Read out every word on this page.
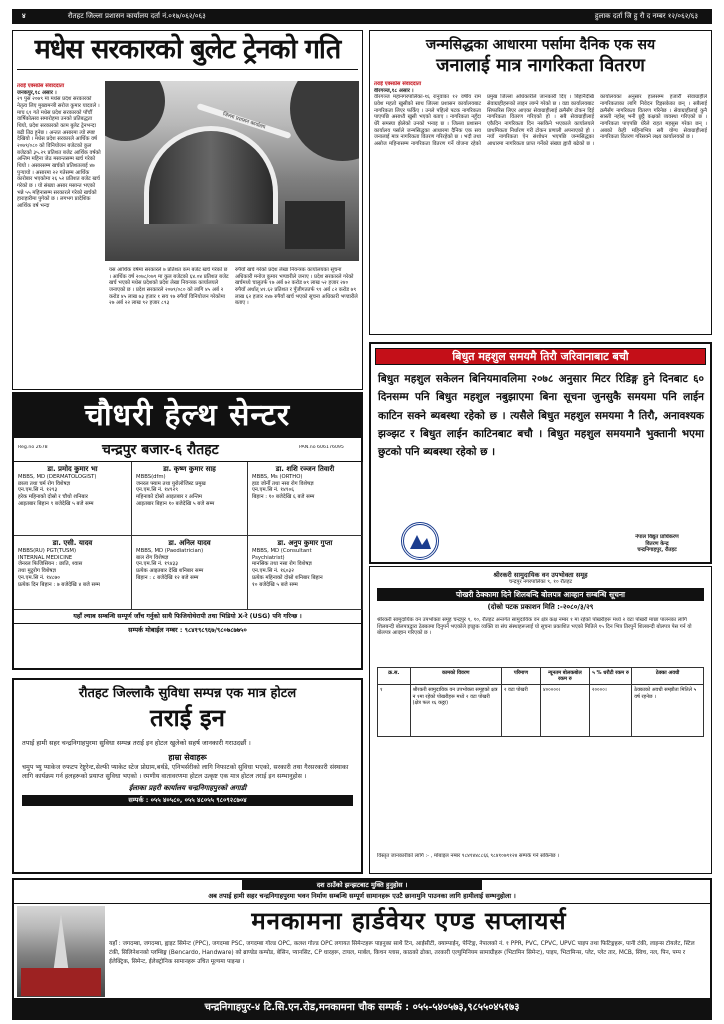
४	रौतहट जिल्ला प्रशासन कार्यालय दर्ता नं.०१७/०६२/०६३	हुलाक दर्ता जि हु रौ द नम्बर १२/०६२/६३
मधेस सरकारको बुलेट ट्रेनको गति
तराई एक्सप्रेस संवाददाता
जनकपुर,१८ असार ।
२९ पुस २०७९ मा मधेस प्रदेश सरकारको नेतृत्व लिए मुख्यमन्त्री सरोज कुमार यादवले । माघ ६१ गते मधेस प्रदेश सरकारको पाँचौँ वार्षिकोत्सव समारोहमा उनको प्रतिबद्धता थियो, प्रदेश सरकारको काम बुलेट ट्रेनभन्दा बढी तिव्र हुनेछ । अन्तत असारमा त्यो स्पष्ट देखियो । मधेस प्रदेश सरकारले आर्थिक वर्ष २०७९/०८० को विनियोजन बजेटको कुल बजेटको ३५.२९ प्रतिशत बजेट आर्थिक वर्षको अन्तिम महिना जेठ मसान्तसम्म खर्च गरेको थियो । असारसम्म खर्चको प्रतिशतलाई ४७ पुऱ्यायो । असारमा २२ गतेसम्म आर्थिक कारोबार भएकोमा २६ ५२ प्रतिशत बजेट खर्च गरेको छ । यो संख्या असार मसान्त भएको भन्ने ५५ महिनासम्म सरकारले गरेको खर्चको हाराहारीमा पुगेको छ । लगभग प्रादेशिक आर्थिक वर्ष भन्दा
जिल्ला प्रशासन कार्यालय
यस आर्थिक वर्षमा सरकारले ७ प्रतिशत कम बजेट खर्च गरेको छ । आर्थिक वर्ष २०७८/०७९ मा कुल बजेटको ६४.०४ प्रतिशत बजेट खर्च भएको मधेस प्रदेशको प्रदेश लेखा नियन्त्रक कार्यालयले जनाएको छ । प्रदेश सरकारले २०७९/०८० को लागि ४५ अर्ब २ करोड ४५ लाख ७३ हजार १ सय १७ रुपैयाँ विनियोजन गरेकोमा २७ अर्ब २२ लाख ९२ हजार ८९३
रुपैयाँ खर्च गरेको प्रदेश लेखा नियन्त्रक कार्यालयका सूचना अधिकारी मनोज कुमार भण्डारीले जनाए । प्रदेश सरकारले गरेको खर्चमध्ये चालुतर्फ १७ अर्ब ७२ करोड ७९ लाख ५२ हजार २४० रुपैयाँ अर्थात् ४१.६२ प्रतिशत र पुँजीगततर्फ ९१ अर्ब ८२ करोड ७९ लाख ६२ हजार २४७ रुपैयाँ खर्च भएको सूचना अधिकारी भण्डारीले बताए ।
जन्मसिद्धका आधारमा पर्सामा दैनिक एक सय
जनालाई मात्र नागरिकता वितरण
तराई एक्सप्रेस संवाददाता
वीरगञ्ज,१८ असार ।
वीरगञ्ज महानगरपालिका-१६ रानुवाका १२ वर्षीय राम प्रवेश महतो खुसीको साथ जिल्ला प्रशासन कार्यालयबाट नागरिकता लिएर फर्किए । उनले पहिलो पटक नागरिकता पाएपछि असाध्यै खुसी भएको बताए । नागरिकता नहुँदा धेरै समस्या झेलेको उनको भनाइ छ । जिल्ला प्रशासन कार्यालय पर्साले जन्मसिद्धका आधारमा दैनिक एक सय जनालाई मात्र नागरिकता वितरण गरिरहेको छ । भदौ तथा असोज महिनासम्म नागरिकता वितरण गर्ने योजना रहेको प्रमुख जिल्ला अधिकारीले जानकारी दिए । बिहानैदेखि सेवाग्राहीहरूको लाइन लाग्ने गरेको छ । वडा कार्यालयबाट सिफारिस लिएर आएका सेवाग्राहीलाई क्रमैसँग टोकन दिई नागरिकता वितरण गरिएको हो । सबै सेवाग्राहीलाई एकैदिन नागरिकता दिन नसकिने भएकाले कार्यालयले प्राथमिकता निर्धारण गरी टोकन प्रणाली अपनाएको हो । नयाँ नागरिकता ऐन संशोधन भएपछि जन्मसिद्धका आधारमा नागरिकता प्राप्त गर्नेको संख्या ह्वात्तै बढेको छ । कार्यालयका अनुसार हालसम्म हजारौँ सेवाग्राहीले नागरिकताका लागि निवेदन दिइसकेका छन् । सबैलाई क्रमैसँग नागरिकता वितरण गरिनेछ । सेवाग्राहीलाई कुनै सास्ती नहोस् भनी छुट्टै कक्षको व्यवस्था गरिएको छ । नागरिकता पाएपछि धेरैले राहत महसुस गरेका छन् । अबको केही महिनाभित्र सबै योग्य सेवाग्राहीलाई नागरिकता वितरण गरिसक्ने लक्ष्य कार्यालयको छ ।
बिधुत महशुल समयमै तिरौ जरिवानाबाट बचौ
बिधुत महशुल सकेलन बिनियमावलिमा २०७८ अनुसार मिटर रिडिङ्ग हुने दिनबाट ६० दिनसम्म पनि बिधुत महशुल नबुझाएमा बिना सूचना जुनसुकै समयमा पनि लाईन काटिन सक्ने ब्यबस्था रहेको छ । त्यसैले बिधुत महशुल समयमा नै तिरौ, अनावश्यक झञ्झट र बिधुत लाईन काटिनबाट बचौ । बिधुत महशुल समयमानै भुक्तानी भएमा छुटको पनि ब्यबस्था रहेको छ ।
नेपाल विद्युत प्राधिकरण
वितरण केन्द्र
चन्द्रनिगाहपुर, रौतहट
चौधरी हेल्थ सेन्टर
Reg.no 2678	चन्द्रपुर बजार-६ रौतहट	PAN.no 606176095
डा. प्रमोद कुमार भा
MBBS, MD (DERMATOLOGIST)
छाला तथा चर्म रोग विशेषज्ञ
एन.एम.सि नं. १२९३
हरेक महिनाको दोस्रो र चौथो शनिबार
आइतबार बिहान ९ बजेदेखि ५ बजे सम्म
डा. कृष्ण कुमार साह
MBBS(dfm)
जनरल फ्याम तथा युरोलोजिस्ट प्रमुख
एन.एम.सि नं. १४९२९
महिनाको दोस्रो आइतबार र अन्तिम
आइतबार बिहान १० बजेदेखि ५ बजे सम्म
डा. शशि रञ्जन तिवारी
MBBS, Ms (ORTHO)
हाड जोर्नी तथा नसा रोग विशेषज्ञ
एन.एम.सि नं. १४९०६
बिहान : १० बजेदेखि ६ बजे सम्म
डा. एसी. यादव
MBBS(RU) PGT(TUSM)
INTERNAL MEDICINE
जेनरल फिजिसियन : छाति, श्वास
तथा मुटुरोग विशेषज्ञ
एन.एम.सि नं. १४८७०
प्रत्येक दिन बिहान : ७ बजेदेखि ४ बजे सम्म
डा. अनिल यादव
MBBS, MD (Paediatrician)
बाल रोग विशेषज्ञ
एन.एम.सि नं. १९४३३
प्रत्येक आइतबार देखि शनिबार सम्म
बिहान : ८ बजेदेखि १२ बजे सम्म
डा. अनुप कुमार गुप्ता
MBBS, MD (Consultant
Psychiatrist)
मानसिक तथा नसा रोग विशेषज्ञ
एन.एम.सि नं. १६०३२
प्रत्येक महिनाको दोस्रो शनिबार बिहान
१० बजेदेखि ५ बजे सम्म
यहाँ ल्याब सम्बन्धि सम्पूर्ण जाँच गर्नुको साथै फिजियोथेरापी तथा भिडियो X-रे (USG) पनि गरिन्छ ।
सम्पर्क मोबाईल नम्बर : ९८४१९८९६७/९८०७८७७५०
रौतहट जिल्लाकै सुविधा सम्पन्न एक मात्र होटल
तराई इन
तपाई हामी सहर चन्द्रनिगाहपुरमा सुविधा सम्पन्न तराई इन होटल खुलेको सहर्ष जानकारी गराउदछौं ।
हाम्रा सेवाहरू
चमुप भ्यु प्याकेज रुफटप रेष्टुरेन्ट,सेल्फी प्याकेट स्टेज प्रोग्राम,बर्थडे, एनिभर्सरीको लागि निफाटको सुविधा भएको, सरकारी तथा गैरसरकारी संस्थाका लागि कार्यक्रम गर्न हलहरूको प्रयाप्त सुविधा भएको । रमणीय वातावरणमा होटल उत्कृष्ट एक मात्र होटल तराई इन सम्भानुहोस ।
ईलाका प्रहरी कार्यालय चन्द्रनिगाहपुरको अगाडी
सम्पर्क : ०५५ ४०५८०, ०५५ ४८०५५ ९८०९२८७०४
श्रीरकरी सामुदायिक वन उपभोक्ता समूह
चन्द्रपुर नगरपालिका ९, १० रौतहट
पोखरी ठेक्कामा दिने शिलबन्दि बोलपत्र आव्हान सम्बन्धि सूचना
(दोस्रो पटक प्रकाशन मिति :-२०८०/३/२९
श्रीरकरी सामुदायिक वन उपभोक्ता समूह चन्द्रपुर ९, १०, रौतहट अन्तर्गत सामुदायिक वन क्षेत्र कक्ष नम्बर १ मा रहेको पोखरीहरू मध्ये २ वटा पोखरी माछा पालनका लागि शिलबन्दी बोलपत्रद्वारा ठेक्कामा दिनुपर्ने भएकोले इच्छुक व्यक्ति वा संघ संस्थाहरूलाई यो सूचना प्रकाशित भएको मितिले १५ दिन भित्र तिरपुर्ने शिलबन्दी बोलपत्र पेस गर्न यो बोलपत्र आव्हान गरिएको छ ।
क्र.स.	कामको विवरण	परिमाण	न्यूनतम बोलकबोल रकम रु	५ % धरौटी रकम रु	ठेक्का अवधी
१	श्रीरकरी सामुदायिक वन उपभोक्ता समूहको क्षत्र न १मा रहेको पोखरीहरू मध्ये २ वटा पोखरी (क्षेत्र फल १६ कठ्ठा)	२ वटा पोखरी	४०००००।	२००००।	ठेक्काको अवधी सम्झौता मितिले ५ वर्ष रहनेछ ।
विस्तृत जानकारीको लागि :- , मोबाइल नम्बर ९८४१४४८८६६ ९८४१०७९१२४ सम्पर्क गर्न सकिनेछ ।
दश ठाउँको झन्झटबाट मुक्ति हुनुहोस ।
अब तपाई हामी सहर चन्द्रनिगाहपुरमा भवन निर्माण सम्बन्धि सम्पूर्ण सामानहरू एउटै छानामुनि पाउनका लागि हामीलाई सम्भनुहोला ।
मनकामना हार्डवेयर एण्ड सप्लायर्स
यहाँ : जगदम्बा, जगदम्बा, ह्वाइट सिमेन्ट (PPC), जगदम्बा PSC, जगदम्बा गोल्ड OPC, कलश गोल्ड OPC लगायत सिमेन्टहरू पाइनुका साथै टिन, आईसीटी, क्याम्पाईन्, पेन्टिङ्ग, नेपालको नं. १ PPR, PVC, CPVC, UPVC पाइप तथा फिटिङ्गहरू, पानी टंकी, लाइन्स टोयलेट, स्टिल टंकी, सिलिनेशनको प्लम्बिङ्ग (Bencardo, Handware) को ब्राण्डेड कम्पोड, बेसिन, प्यानसिट, CP धारहरू, टायल, मार्बल, किचन ग्लास, काठको ढोका, तरकारी एल्युमिनियम सामाग्रीहरू (भिटामिन सिमेन्ट), पाइप, भिटामिन्स, प्लेट, प्लेट तार, MCB, स्विच, नल, पिन, पम्प र ईलेक्ट्रिक, सिमेन्ट, ईलेक्ट्रोनिक सामानहरू उचित मूल्यमा पाइन्छ ।
चन्द्रनिगाहपुर-४ टि.सि.एन.रोड,मनकामना चौक सम्पर्क : ०५५-५४०५७३,९८५५०४५१७३
